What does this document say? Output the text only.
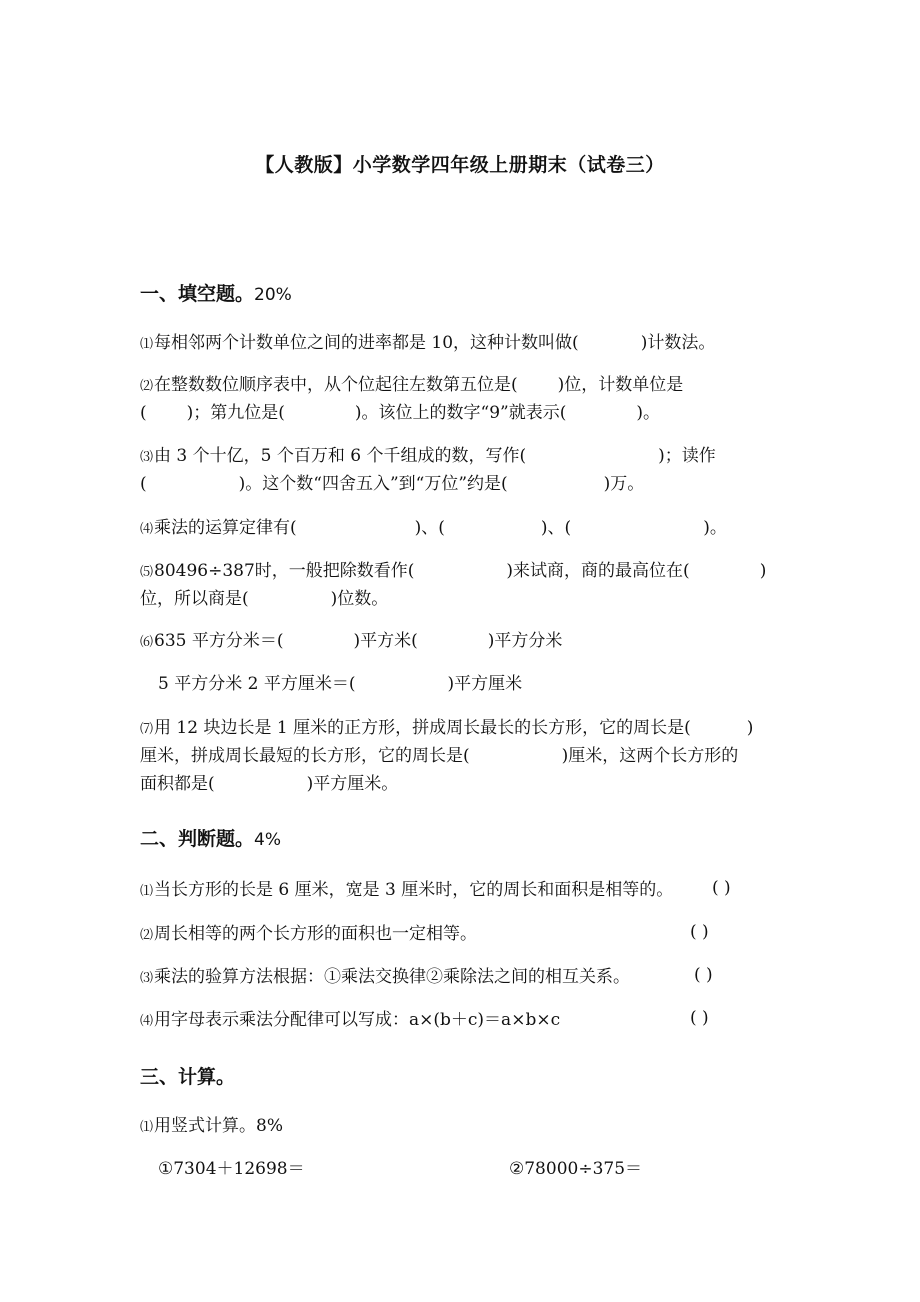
【人教版】小学数学四年级上册期末（试卷三）
一、填空题。20%
⑴每相邻两个计数单位之间的进率都是 10，这种计数叫做(	)计数法。
⑵在整数数位顺序表中，从个位起往左数第五位是( )位，计数单位是
( )；第九位是(	)。该位上的数字“9”就表示(	)。
⑶由 3 个十亿，5 个百万和 6 个千组成的数，写作(	)；读作
(	)。这个数“四舍五入”到“万位”约是(	)万。
⑷乘法的运算定律有(	)、(	)、(	)。
⑸80496÷387时，一般把除数看作(	)来试商，商的最高位在(	)
位，所以商是(	)位数。
⑹635 平方分米＝(	)平方米(	)平方分米
5 平方分米 2 平方厘米＝(	)平方厘米
⑺用 12 块边长是 1 厘米的正方形，拼成周长最长的长方形，它的周长是(	)
厘米，拼成周长最短的长方形，它的周长是(	)厘米，这两个长方形的
面积都是(	)平方厘米。
二、判断题。4%
⑴当长方形的长是 6 厘米，宽是 3 厘米时，它的周长和面积是相等的。 ( )
⑵周长相等的两个长方形的面积也一定相等。	( )
⑶乘法的验算方法根据：①乘法交换律②乘除法之间的相互关系。	( )
⑷用字母表示乘法分配律可以写成：a×(b＋c)＝a×b×c	( )
三、计算。
⑴用竖式计算。8%
①7304＋12698＝	②78000÷375＝
